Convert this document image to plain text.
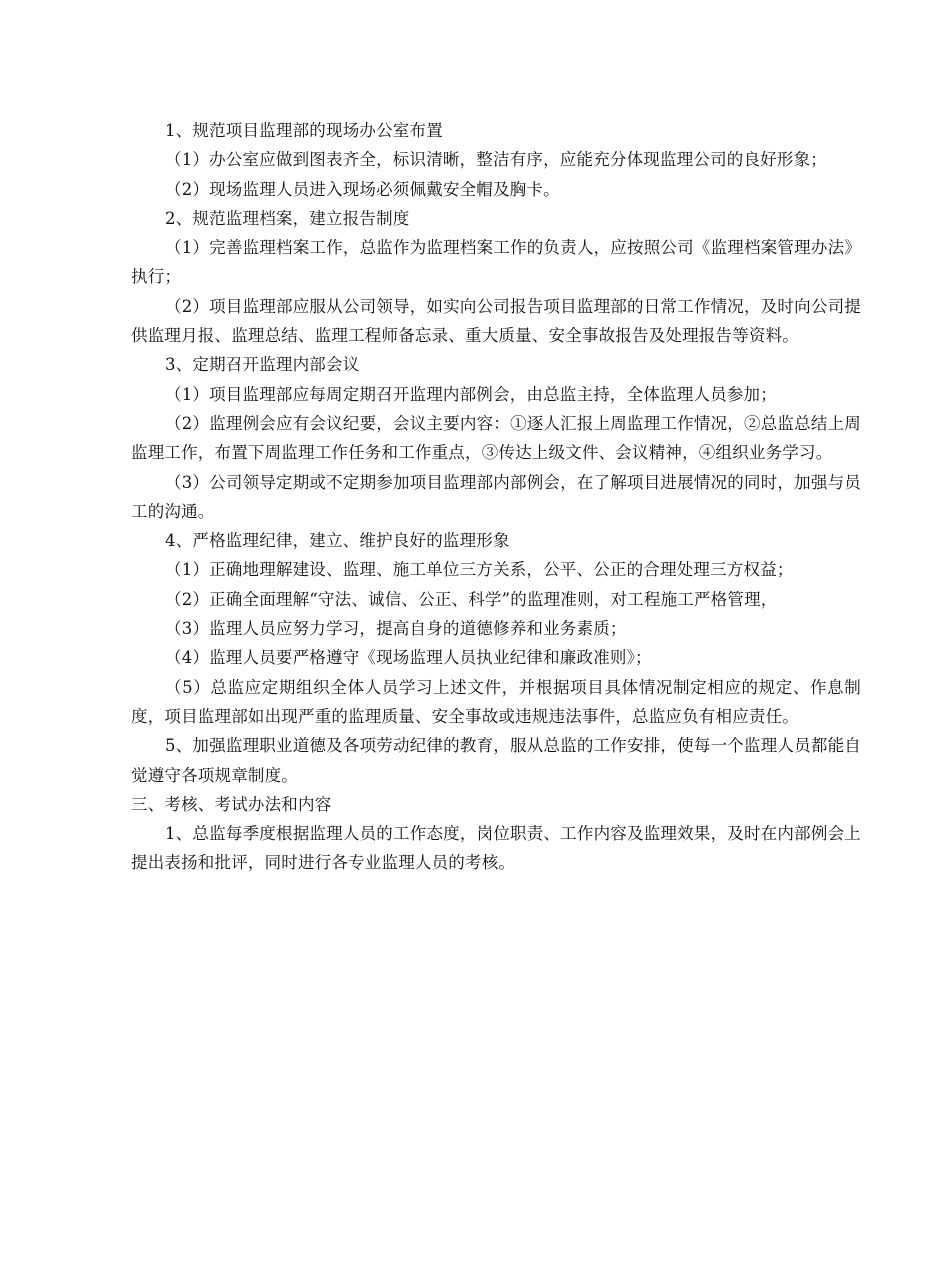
1、规范项目监理部的现场办公室布置

（1）办公室应做到图表齐全，标识清晰，整洁有序，应能充分体现监理公司的良好形象；

（2）现场监理人员进入现场必须佩戴安全帽及胸卡。

2、规范监理档案，建立报告制度

（1）完善监理档案工作，总监作为监理档案工作的负责人，应按照公司《监理档案管理办法》执行；

（2）项目监理部应服从公司领导，如实向公司报告项目监理部的日常工作情况，及时向公司提供监理月报、监理总结、监理工程师备忘录、重大质量、安全事故报告及处理报告等资料。

3、定期召开监理内部会议

（1）项目监理部应每周定期召开监理内部例会，由总监主持，全体监理人员参加；

（2）监理例会应有会议纪要，会议主要内容：①逐人汇报上周监理工作情况，②总监总结上周监理工作，布置下周监理工作任务和工作重点，③传达上级文件、会议精神，④组织业务学习。

（3）公司领导定期或不定期参加项目监理部内部例会，在了解项目进展情况的同时，加强与员工的沟通。

4、严格监理纪律，建立、维护良好的监理形象

（1）正确地理解建设、监理、施工单位三方关系，公平、公正的合理处理三方权益；

（2）正确全面理解“守法、诚信、公正、科学”的监理准则，对工程施工严格管理，

（3）监理人员应努力学习，提高自身的道德修养和业务素质；

（4）监理人员要严格遵守《现场监理人员执业纪律和廉政准则》；

（5）总监应定期组织全体人员学习上述文件，并根据项目具体情况制定相应的规定、作息制度，项目监理部如出现严重的监理质量、安全事故或违规违法事件，总监应负有相应责任。

5、加强监理职业道德及各项劳动纪律的教育，服从总监的工作安排，使每一个监理人员都能自觉遵守各项规章制度。

三、考核、考试办法和内容

1、总监每季度根据监理人员的工作态度，岗位职责、工作内容及监理效果，及时在内部例会上提出表扬和批评，同时进行各专业监理人员的考核。
